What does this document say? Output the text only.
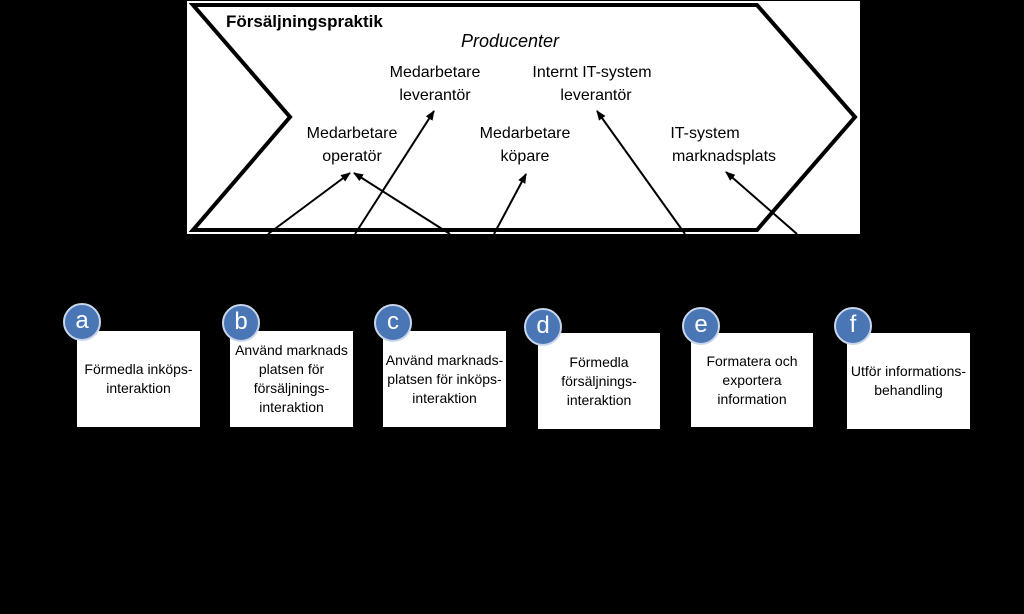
Försäljningspraktik
Producenter
Medarbetare
leverantör
Internt IT-system
leverantör
Medarbetare
operatör
Medarbetare
köpare
IT-system
marknadsplats
Förmedla inköps-interaktion
a
Använd marknads platsen för försäljnings-interaktion
b
Använd marknads-platsen för inköps-interaktion
c
Förmedla försäljnings-interaktion
d
Formatera och exportera information
e
Utför informations-behandling
f
